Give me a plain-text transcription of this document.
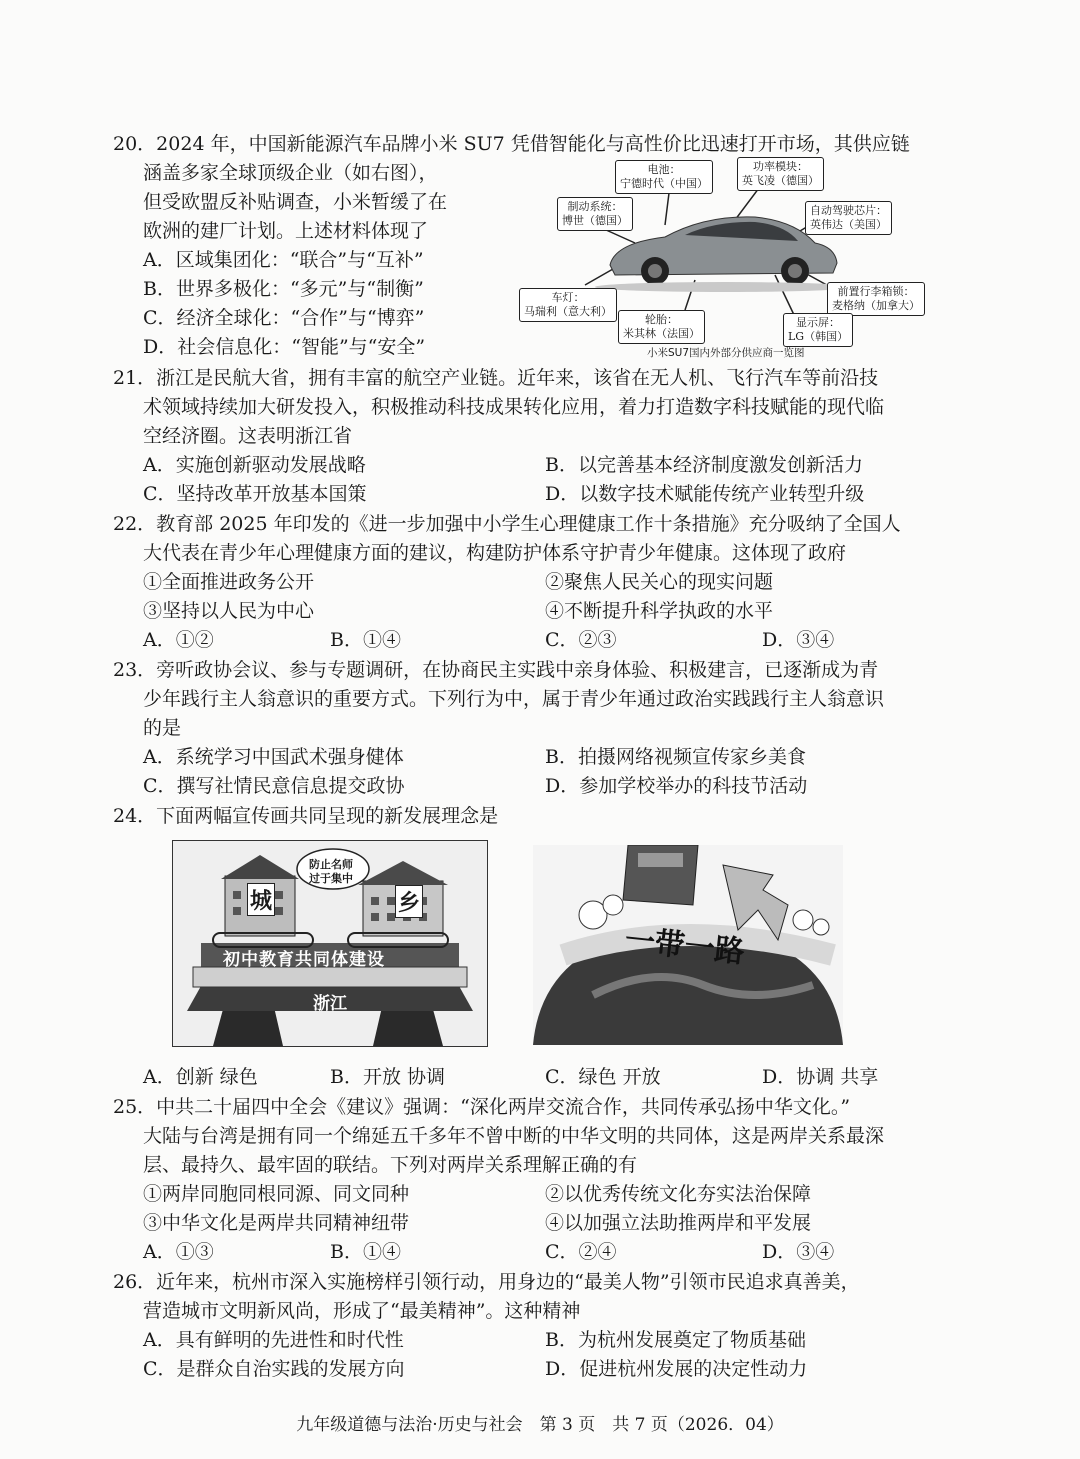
20．2024 年，中国新能源汽车品牌小米 SU7 凭借智能化与高性价比迅速打开市场，其供应链
涵盖多家全球顶级企业（如右图），
但受欧盟反补贴调查，小米暂缓了在
欧洲的建厂计划。上述材料体现了
A．区域集团化：“联合”与“互补”
B．世界多极化：“多元”与“制衡”
C．经济全球化：“合作”与“博弈”
D．社会信息化：“智能”与“安全”
电池：
宁德时代（中国）
功率模块：
英飞凌（德国）
制动系统：
博世（德国）
自动驾驶芯片：
英伟达（美国）
前置行李箱锁：
麦格纳（加拿大）
车灯：
马瑞利（意大利）
轮胎：
米其林（法国）
显示屏：
LG（韩国）
小米SU7国内外部分供应商一览图
21．浙江是民航大省，拥有丰富的航空产业链。近年来，该省在无人机、飞行汽车等前沿技
术领域持续加大研发投入，积极推动科技成果转化应用，着力打造数字科技赋能的现代临
空经济圈。这表明浙江省
A．实施创新驱动发展战略	B．以完善基本经济制度激发创新活力
C．坚持改革开放基本国策	D．以数字技术赋能传统产业转型升级
22．教育部 2025 年印发的《进一步加强中小学生心理健康工作十条措施》充分吸纳了全国人
大代表在青少年心理健康方面的建议，构建防护体系守护青少年健康。这体现了政府
①全面推进政务公开	②聚焦人民关心的现实问题
③坚持以人民为中心	④不断提升科学执政的水平
A．①②	B．①④	C．②③	D．③④
23．旁听政协会议、参与专题调研，在协商民主实践中亲身体验、积极建言，已逐渐成为青
少年践行主人翁意识的重要方式。下列行为中，属于青少年通过政治实践践行主人翁意识
的是
A．系统学习中国武术强身健体	B．拍摄网络视频宣传家乡美食
C．撰写社情民意信息提交政协	D．参加学校举办的科技节活动
24．下面两幅宣传画共同呈现的新发展理念是
城	乡
防止名师
过于集中
初中教育共同体建设
浙江
一带一路
A．创新 绿色	B．开放 协调	C．绿色 开放	D．协调 共享
25．中共二十届四中全会《建议》强调：“深化两岸交流合作，共同传承弘扬中华文化。”
大陆与台湾是拥有同一个绵延五千多年不曾中断的中华文明的共同体，这是两岸关系最深
层、最持久、最牢固的联结。下列对两岸关系理解正确的有
①两岸同胞同根同源、同文同种	②以优秀传统文化夯实法治保障
③中华文化是两岸共同精神纽带	④以加强立法助推两岸和平发展
A．①③	B．①④	C．②④	D．③④
26．近年来，杭州市深入实施榜样引领行动，用身边的“最美人物”引领市民追求真善美，
营造城市文明新风尚，形成了“最美精神”。这种精神
A．具有鲜明的先进性和时代性	B．为杭州发展奠定了物质基础
C．是群众自治实践的发展方向	D．促进杭州发展的决定性动力
九年级道德与法治·历史与社会　第 3 页　共 7 页（2026．04）
